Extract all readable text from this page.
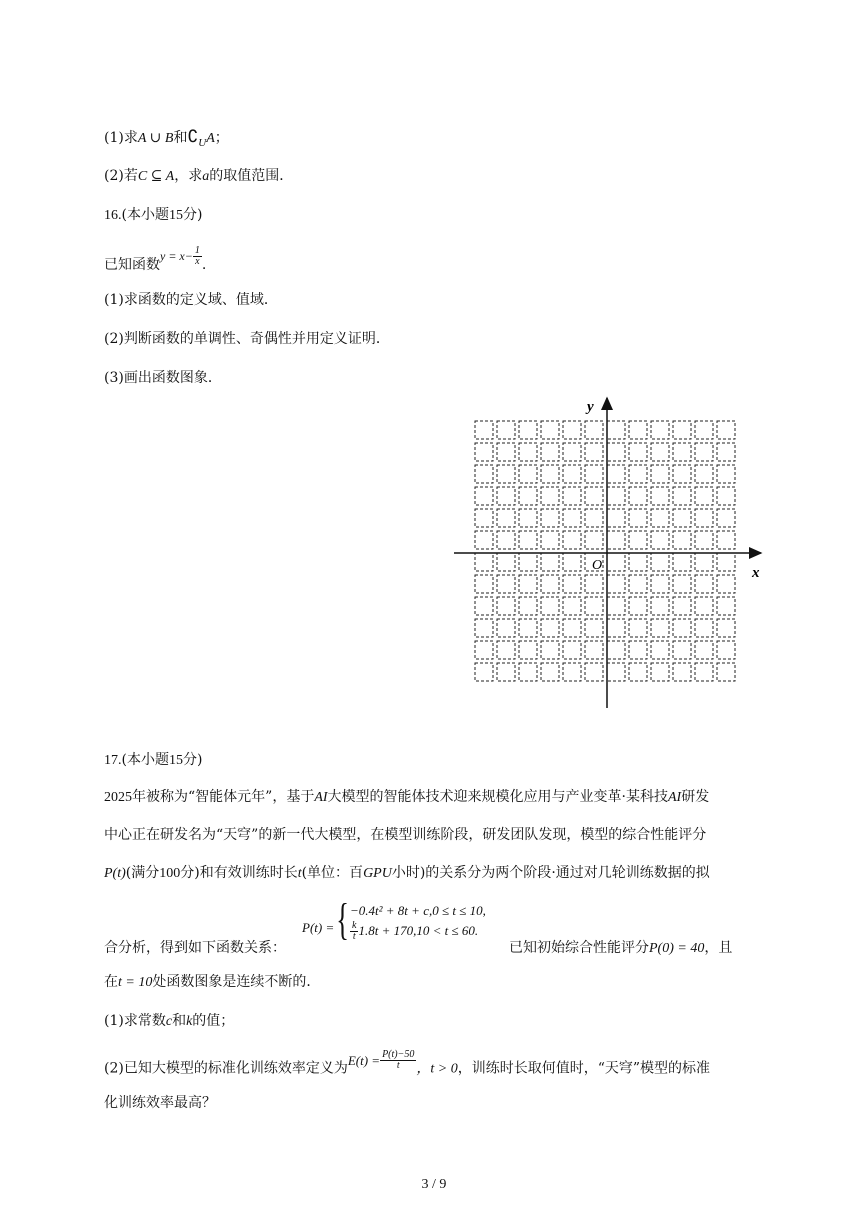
(1)求A ∪ B和$∁_UA$；
(2)若C ⊆ A，求a的取值范围．
16.(本小题15分)
已知函数$y = x- \frac{1}{x}$ .
(1)求函数的定义域、值域．
(2)判断函数的单调性、奇偶性并用定义证明．
(3)画出函数图象．
y
x
O
17.(本小题15分)
2025年被称为“智能体元年”，基于AI大模型的智能体技术迎来规模化应用与产业变革·某科技AI研发
中心正在研发名为“天穹”的新一代大模型，在模型训练阶段，研发团队发现，模型的综合性能评分
P(t)(满分100分)和有效训练时长t(单位：百GPU小时)的关系分为两个阶段·通过对几轮训练数据的拟
P(t) = { −0.4t² + 8t + c,0 ≤ t ≤ 10,
$\frac{k}{t} 1.8t + 170,10 < t \le 60$.
合分析，得到如下函数关系：	已知初始综合性能评分P(0) = 40，且
在t = 10处函数图象是连续不断的．
(1)求常数c和k的值；
(2)已知大模型的标准化训练效率定义为$E(t) = \frac{P(t)-50}{t}$ ，t > 0，训练时长取何值时，“天穹”模型的标准
化训练效率最高？
3 / 9
